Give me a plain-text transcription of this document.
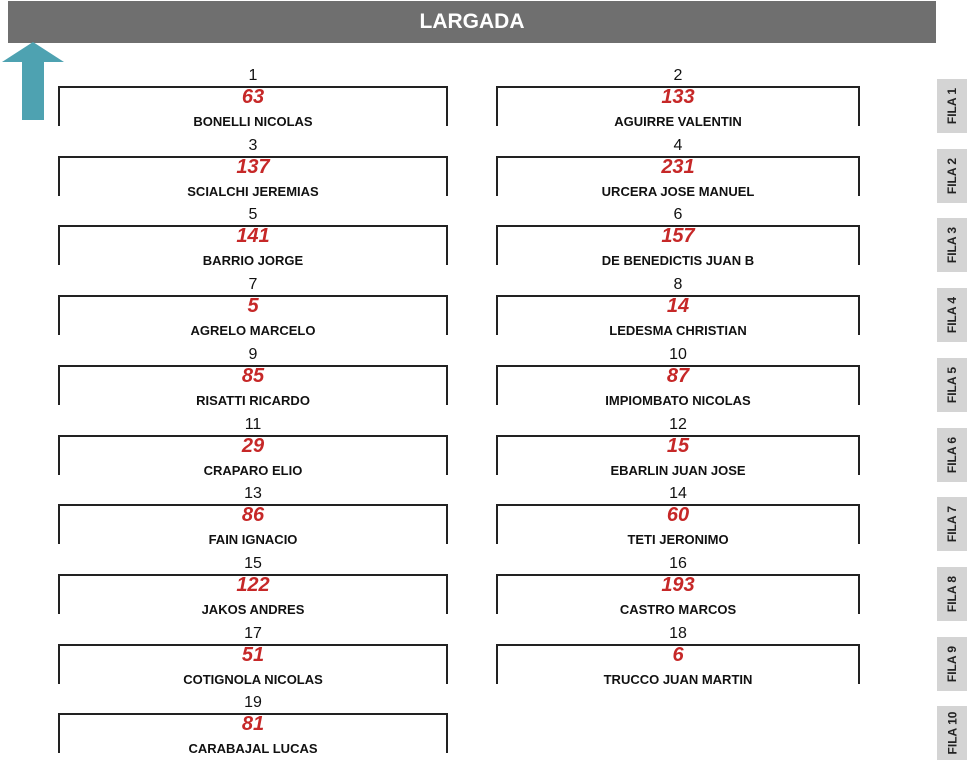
LARGADA
1
63
BONELLI NICOLAS
2
133
AGUIRRE VALENTIN
3
137
SCIALCHI JEREMIAS
4
231
URCERA JOSE MANUEL
5
141
BARRIO JORGE
6
157
DE BENEDICTIS JUAN B
7
5
AGRELO MARCELO
8
14
LEDESMA CHRISTIAN
9
85
RISATTI RICARDO
10
87
IMPIOMBATO NICOLAS
11
29
CRAPARO ELIO
12
15
EBARLIN JUAN JOSE
13
86
FAIN IGNACIO
14
60
TETI JERONIMO
15
122
JAKOS ANDRES
16
193
CASTRO MARCOS
17
51
COTIGNOLA NICOLAS
18
6
TRUCCO JUAN MARTIN
19
81
CARABAJAL LUCAS
FILA 1
FILA 2
FILA 3
FILA 4
FILA 5
FILA 6
FILA 7
FILA 8
FILA 9
FILA 10
